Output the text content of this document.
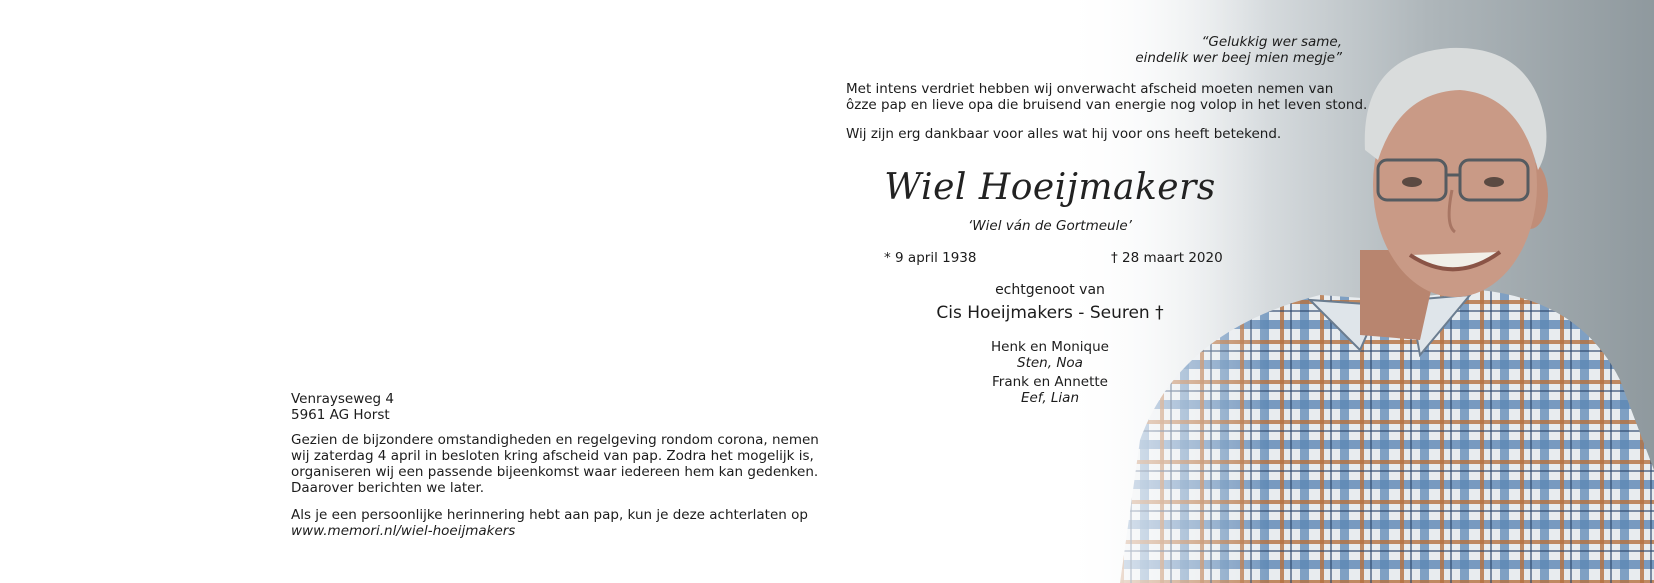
“Gelukkig wer same,

eindelik wer beej mien megje”

Met intens verdriet hebben wij onverwacht afscheid moeten nemen van

ôzze pap en lieve opa die bruisend van energie nog volop in het leven stond.

Wij zijn erg dankbaar voor alles wat hij voor ons heeft betekend.

Wiel Hoeijmakers

‘Wiel ván de Gortmeule’

* 9 april 1938	† 28 maart 2020

echtgenoot van

Cis Hoeijmakers - Seuren †

Henk en Monique

Sten, Noa

Frank en Annette

Eef, Lian

Venrayseweg 4

5961 AG Horst

Gezien de bijzondere omstandigheden en regelgeving rondom corona, nemen

wij zaterdag 4 april in besloten kring afscheid van pap. Zodra het mogelijk is,

organiseren wij een passende bijeenkomst waar iedereen hem kan gedenken.

Daarover berichten we later.

Als je een persoonlijke herinnering hebt aan pap, kun je deze achterlaten op

www.memori.nl/wiel-hoeijmakers
